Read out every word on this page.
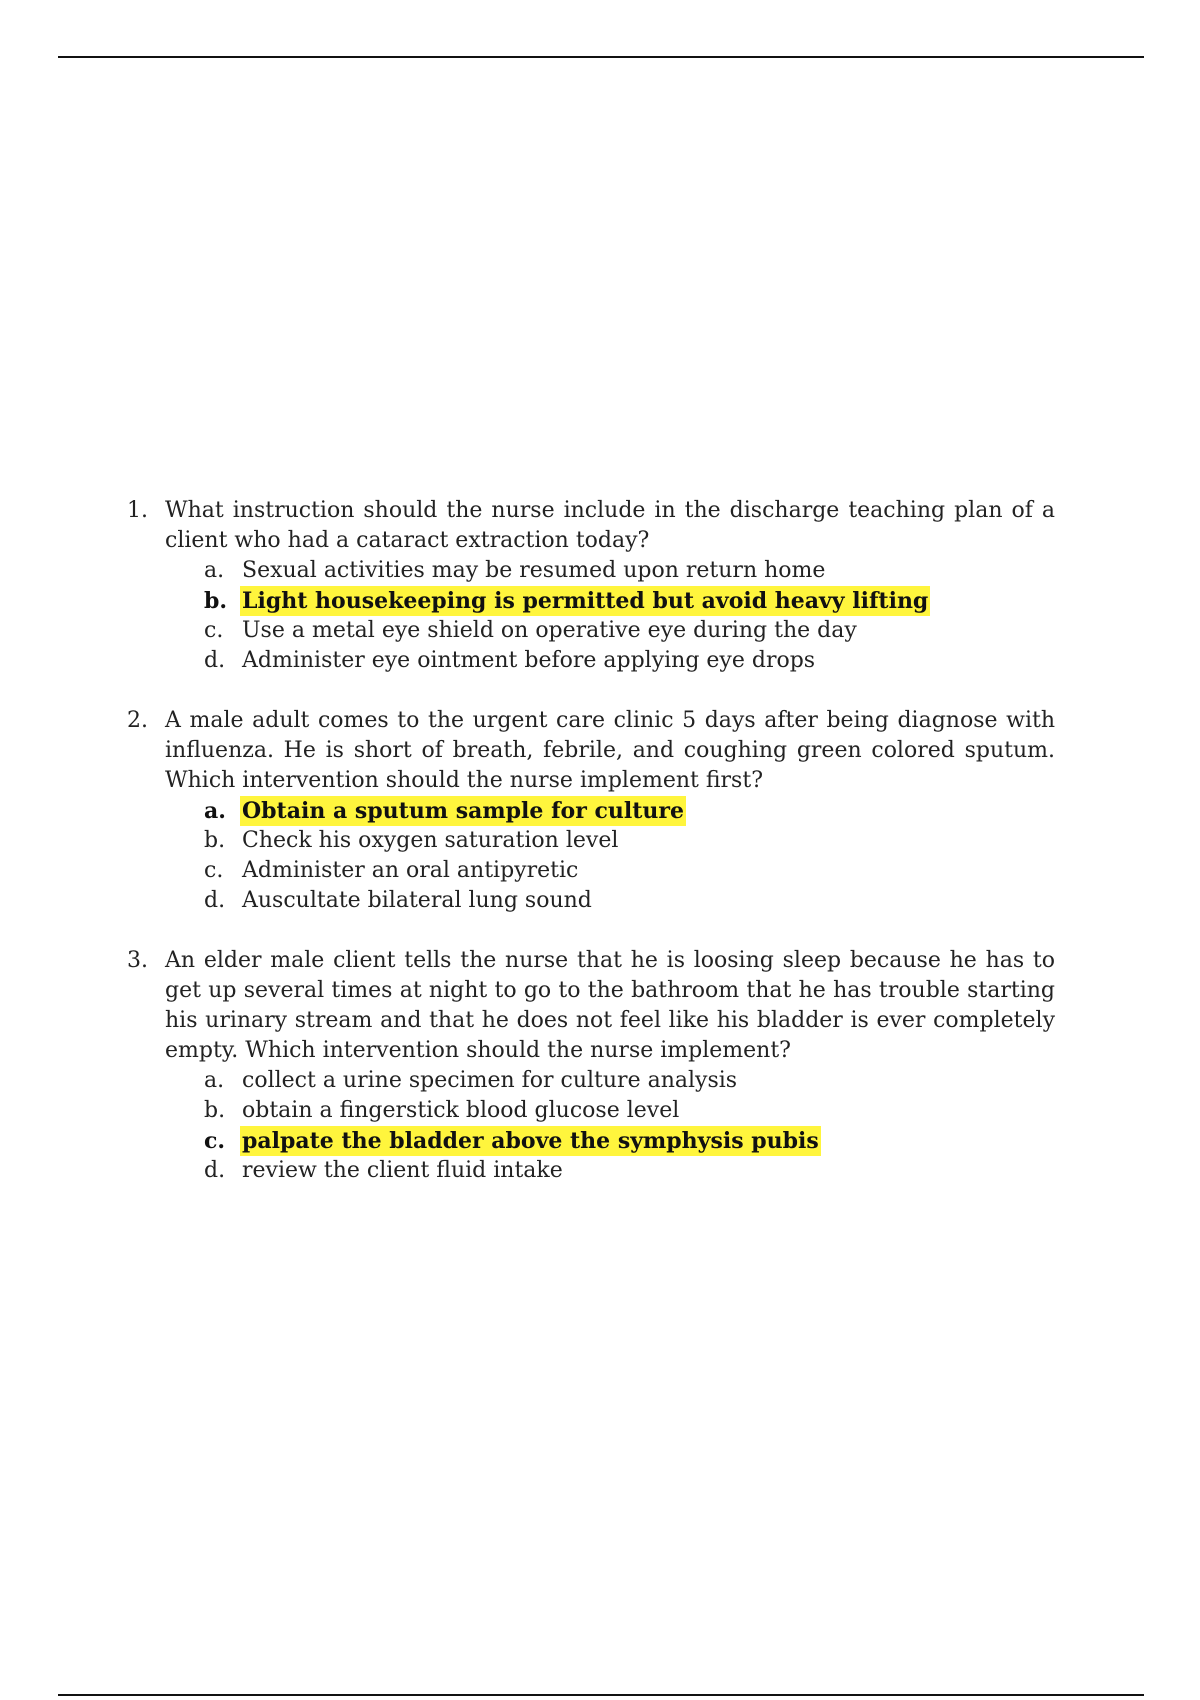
1. What instruction should the nurse include in the discharge teaching plan of a client who had a cataract extraction today?

a. Sexual activities may be resumed upon return home
b. Light housekeeping is permitted but avoid heavy lifting
c. Use a metal eye shield on operative eye during the day
d. Administer eye ointment before applying eye drops
2. A male adult comes to the urgent care clinic 5 days after being diagnose with influenza. He is short of breath, febrile, and coughing green colored sputum. Which intervention should the nurse implement first?

a. Obtain a sputum sample for culture
b. Check his oxygen saturation level
c. Administer an oral antipyretic
d. Auscultate bilateral lung sound
3. An elder male client tells the nurse that he is loosing sleep because he has to get up several times at night to go to the bathroom that he has trouble starting his urinary stream and that he does not feel like his bladder is ever completely empty. Which intervention should the nurse implement?

a. collect a urine specimen for culture analysis
b. obtain a fingerstick blood glucose level
c. palpate the bladder above the symphysis pubis
d. review the client fluid intake
